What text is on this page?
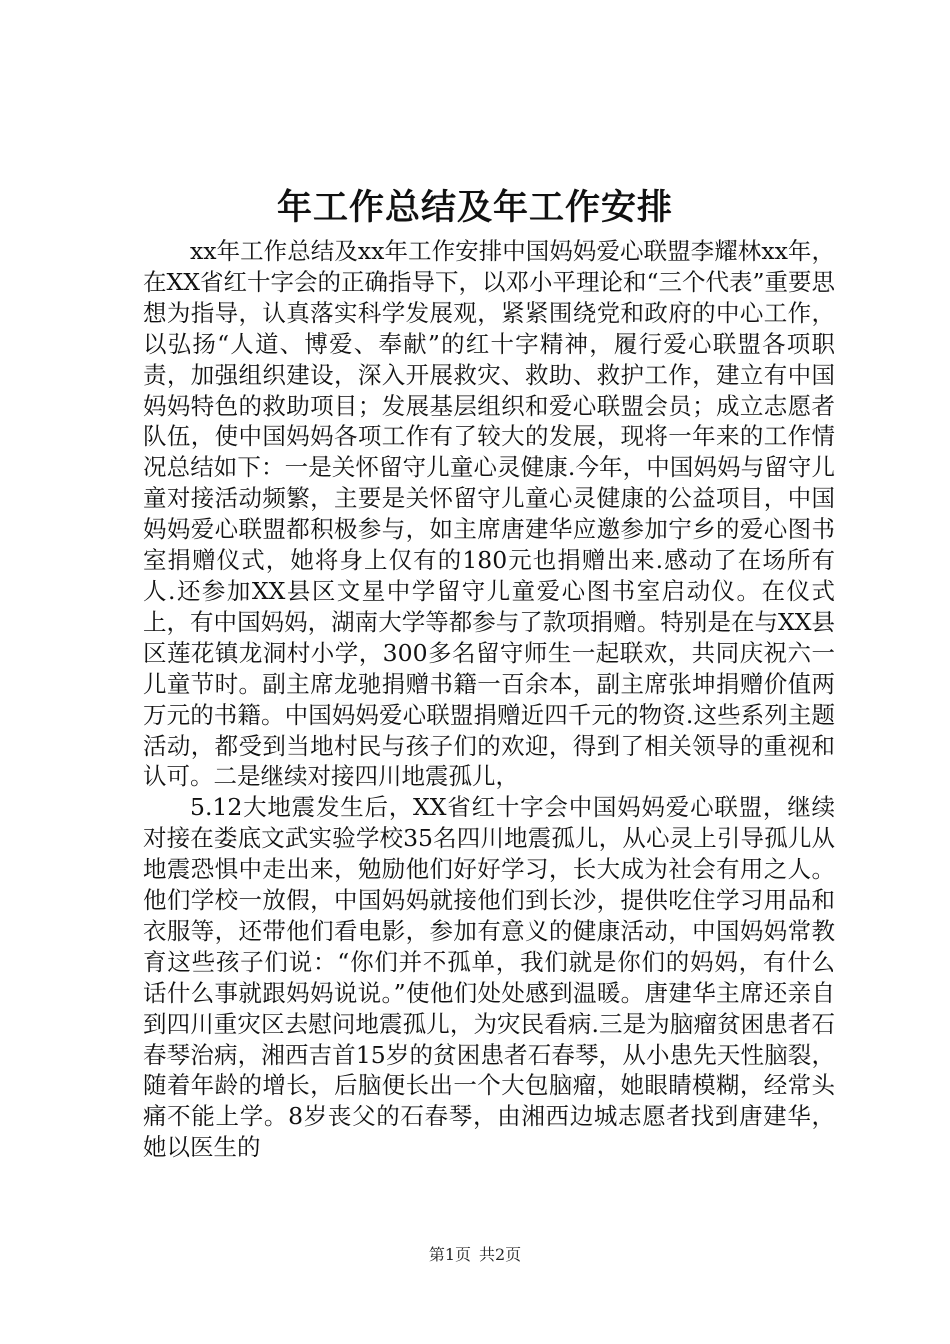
年工作总结及年工作安排

xx年工作总结及xx年工作安排中国妈妈爱心联盟李耀林xx年，在XX省红十字会的正确指导下，以邓小平理论和“三个代表”重要思想为指导，认真落实科学发展观，紧紧围绕党和政府的中心工作，以弘扬“人道、博爱、奉献”的红十字精神，履行爱心联盟各项职责，加强组织建设，深入开展救灾、救助、救护工作，建立有中国妈妈特色的救助项目；发展基层组织和爱心联盟会员；成立志愿者队伍，使中国妈妈各项工作有了较大的发展，现将一年来的工作情况总结如下：一是关怀留守儿童心灵健康.今年，中国妈妈与留守儿童对接活动频繁，主要是关怀留守儿童心灵健康的公益项目，中国妈妈爱心联盟都积极参与，如主席唐建华应邀参加宁乡的爱心图书室捐赠仪式，她将身上仅有的180元也捐赠出来.感动了在场所有人.还参加XX县区文星中学留守儿童爱心图书室启动仪。在仪式上，有中国妈妈，湖南大学等都参与了款项捐赠。特别是在与XX县区莲花镇龙洞村小学，300多名留守师生一起联欢，共同庆祝六一儿童节时。副主席龙驰捐赠书籍一百余本，副主席张坤捐赠价值两万元的书籍。中国妈妈爱心联盟捐赠近四千元的物资.这些系列主题活动，都受到当地村民与孩子们的欢迎，得到了相关领导的重视和认可。二是继续对接四川地震孤儿，

5.12大地震发生后，XX省红十字会中国妈妈爱心联盟，继续对接在娄底文武实验学校35名四川地震孤儿，从心灵上引导孤儿从地震恐惧中走出来，勉励他们好好学习，长大成为社会有用之人。他们学校一放假，中国妈妈就接他们到长沙，提供吃住学习用品和衣服等，还带他们看电影，参加有意义的健康活动，中国妈妈常教育这些孩子们说：“你们并不孤单，我们就是你们的妈妈，有什么话什么事就跟妈妈说说。”使他们处处感到温暖。唐建华主席还亲自到四川重灾区去慰问地震孤儿，为灾民看病.三是为脑瘤贫困患者石春琴治病，湘西吉首15岁的贫困患者石春琴，从小患先天性脑裂，随着年龄的增长，后脑便长出一个大包脑瘤，她眼睛模糊，经常头痛不能上学。8岁丧父的石春琴，由湘西边城志愿者找到唐建华，她以医生的

第1页 共2页
